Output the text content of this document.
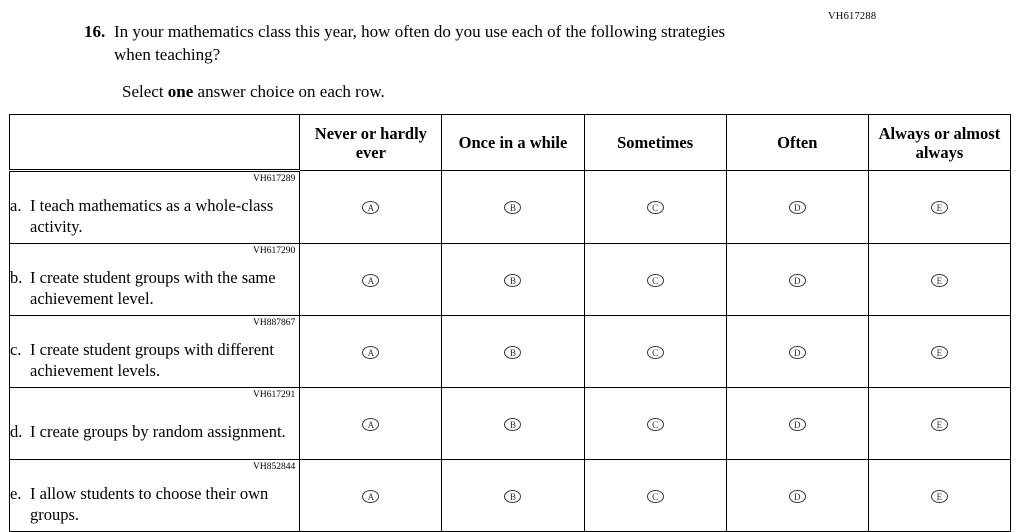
VH617288
16. In your mathematics class this year, how often do you use each of the following strategies when teaching?
Select one answer choice on each row.
	Never or hardly ever	Once in a while	Sometimes	Often	Always or almost always

VH617289
a. I teach mathematics as a whole-class activity.	A	B	C	D	E

VH617290
b. I create student groups with the same achievement level.	A	B	C	D	E

VH887867
c. I create student groups with different achievement levels.	A	B	C	D	E

VH617291
d. I create groups by random assignment.	A	B	C	D	E

VH852844
e. I allow students to choose their own groups.	A	B	C	D	E
